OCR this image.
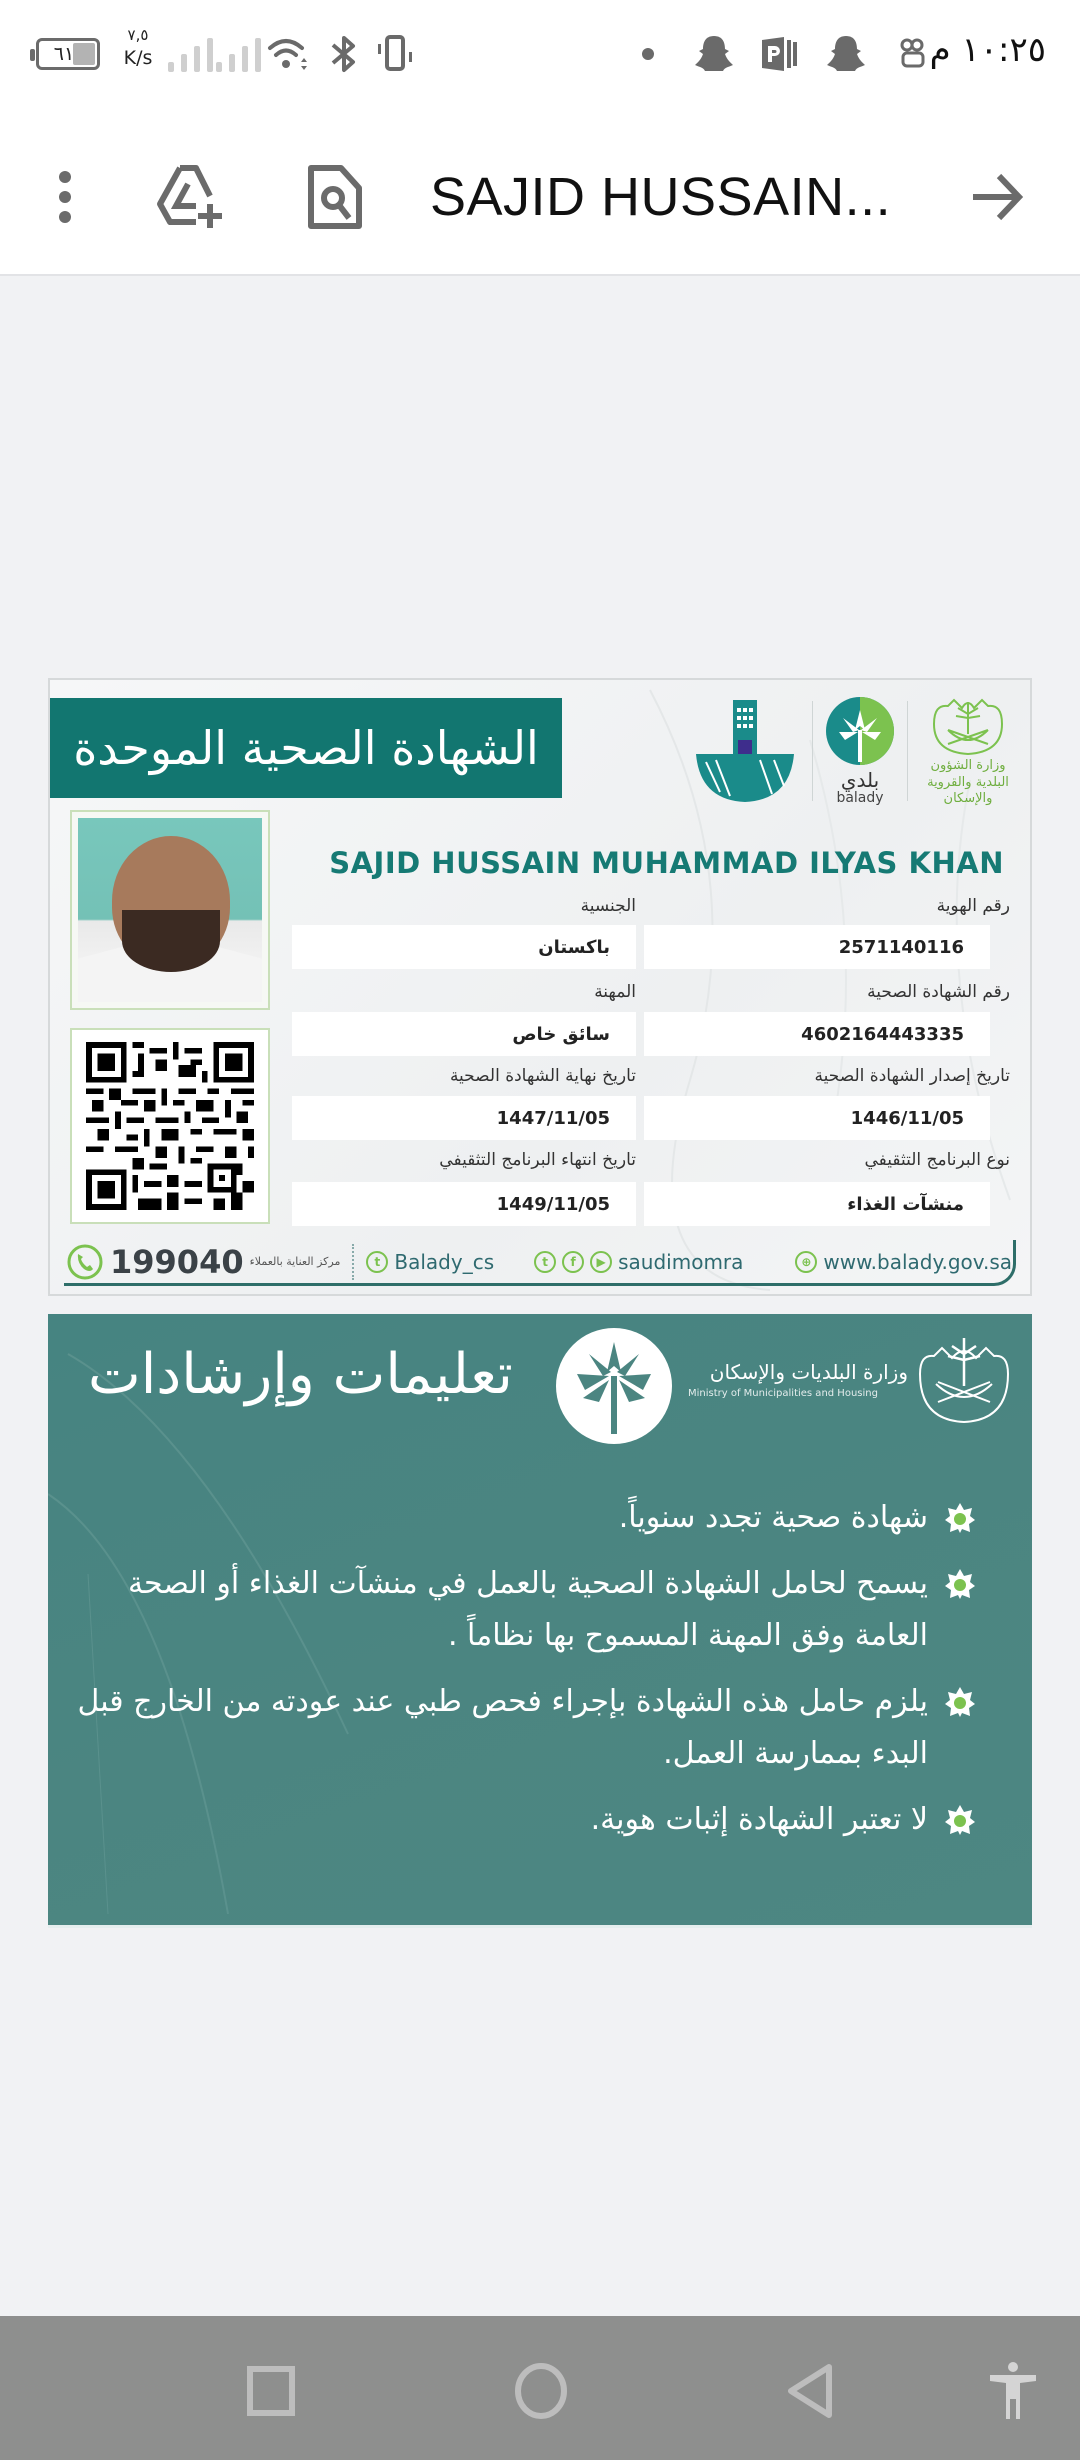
٦١
٧,٥
K/s	١٠:٢٥ م
SAJID HUSSAIN...
الشهادة الصحية الموحدة
بلدي
balady
وزارة الشؤون البلدية والقروية والإسكان
SAJID HUSSAIN MUHAMMAD ILYAS KHAN
رقم الهوية
2571140116
الجنسية
باكستان
رقم الشهادة الصحية
4602164443335
المهنة
سائق خاص
تاريخ إصدار الشهادة الصحية
1446/11/05
تاريخ نهاية الشهادة الصحية
1447/11/05
نوع البرنامج التثقيفي
منشآت الغذاء
تاريخ انتهاء البرنامج التثقيفي
1449/11/05
199040 مركز العناية بالعملاء	t Balady_cs	t	f	▶ saudimomra	⊕ www.balady.gov.sa
تعليمات وإرشادات	وزارة البلديات والإسكان
Ministry of Municipalities and Housing
شهادة صحية تجدد سنوياً.
يسمح لحامل الشهادة الصحية بالعمل في منشآت الغذاء أو الصحة العامة وفق المهنة المسموح بها نظاماً .
يلزم حامل هذه الشهادة بإجراء فحص طبي عند عودته من الخارج قبل البدء بممارسة العمل.
لا تعتبر الشهادة إثبات هوية.
